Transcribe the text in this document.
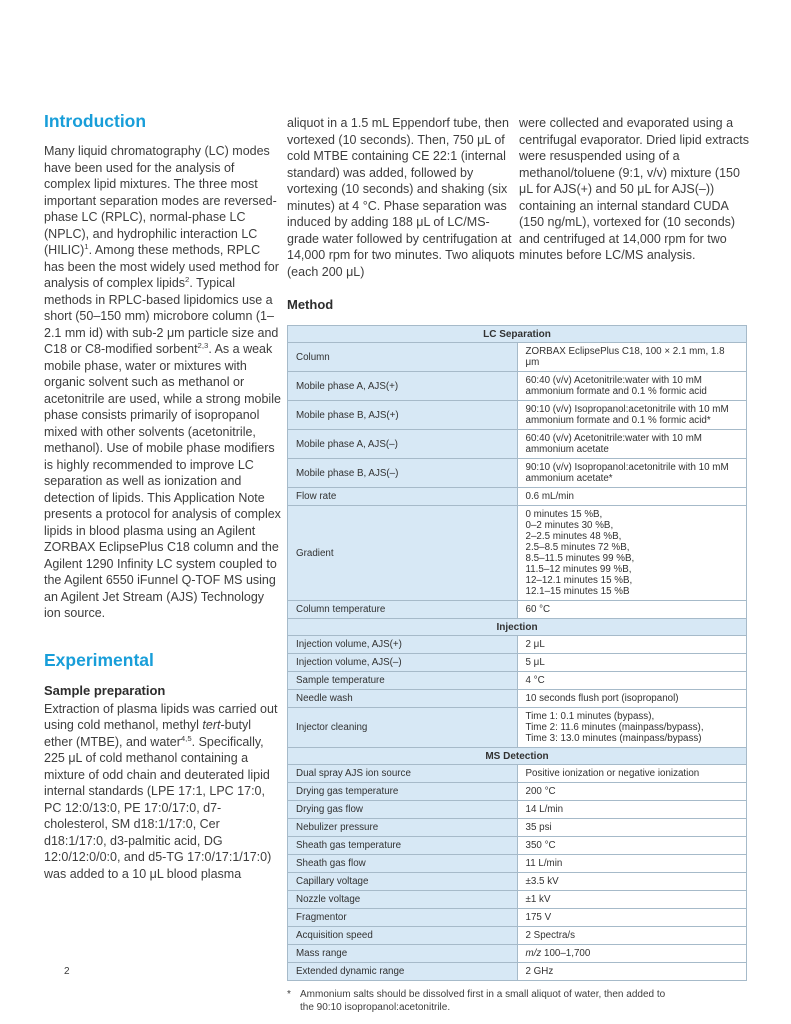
Introduction

Many liquid chromatography (LC) modes have been used for the analysis of complex lipid mixtures. The three most important separation modes are reversed-phase LC (RPLC), normal-phase LC (NPLC), and hydrophilic interaction LC (HILIC)$^1$. Among these methods, RPLC has been the most widely used method for analysis of complex lipids$^2$. Typical methods in RPLC-based lipidomics use a short (50–150 mm) microbore column (1–2.1 mm id) with sub-2 μm particle size and C18 or C8-modified sorbent$^{2,3}$. As a weak mobile phase, water or mixtures with organic solvent such as methanol or acetonitrile are used, while a strong mobile phase consists primarily of isopropanol mixed with other solvents (acetonitrile, methanol). Use of mobile phase modifiers is highly recommended to improve LC separation as well as ionization and detection of lipids. This Application Note presents a protocol for analysis of complex lipids in blood plasma using an Agilent ZORBAX EclipsePlus C18 column and the Agilent 1290 Infinity LC system coupled to the Agilent 6550 iFunnel Q-TOF MS using an Agilent Jet Stream (AJS) Technology ion source.

Experimental
Sample preparation

Extraction of plasma lipids was carried out using cold methanol, methyl tert-butyl ether (MTBE), and water$^{4,5}$. Specifically, 225 μL of cold methanol containing a mixture of odd chain and deuterated lipid internal standards (LPE 17:1, LPC 17:0, PC 12:0/13:0, PE 17:0/17:0, d7-cholesterol, SM d18:1/17:0, Cer d18:1/17:0, d3-palmitic acid, DG 12:0/12:0/0:0, and d5-TG 17:0/17:1/17:0) was added to a 10 μL blood plasma

aliquot in a 1.5 mL Eppendorf tube, then vortexed (10 seconds). Then, 750 μL of cold MTBE containing CE 22:1 (internal standard) was added, followed by vortexing (10 seconds) and shaking (six minutes) at 4 °C. Phase separation was induced by adding 188 μL of LC/MS-grade water followed by centrifugation at 14,000 rpm for two minutes. Two aliquots (each 200 μL)

were collected and evaporated using a centrifugal evaporator. Dried lipid extracts were resuspended using of a methanol/toluene (9:1, v/v) mixture (150 μL for AJS(+) and 50 μL for AJS(–)) containing an internal standard CUDA (150 ng/mL), vortexed for (10 seconds) and centrifuged at 14,000 rpm for two minutes before LC/MS analysis.

Method
LC Separation	
Column	ZORBAX EclipsePlus C18, 100 × 2.1 mm, 1.8 μm
Mobile phase A, AJS(+)	60:40 (v/v) Acetonitrile:water with 10 mM ammonium formate and 0.1 % formic acid
Mobile phase B, AJS(+)	90:10 (v/v) Isopropanol:acetonitrile with 10 mM ammonium formate and 0.1 % formic acid*
Mobile phase A, AJS(–)	60:40 (v/v) Acetonitrile:water with 10 mM ammonium acetate
Mobile phase B, AJS(–)	90:10 (v/v) Isopropanol:acetonitrile with 10 mM ammonium acetate*
Flow rate	0.6 mL/min
Gradient	0 minutes 15 %B,
0–2 minutes 30 %B,
2–2.5 minutes 48 %B,
2.5–8.5 minutes 72 %B,
8.5–11.5 minutes 99 %B,
11.5–12 minutes 99 %B,
12–12.1 minutes 15 %B,
12.1–15 minutes 15 %B
Column temperature	60 °C
Injection	
Injection volume, AJS(+)	2 μL
Injection volume, AJS(–)	5 μL
Sample temperature	4 °C
Needle wash	10 seconds flush port (isopropanol)
Injector cleaning	Time 1: 0.1 minutes (bypass),
Time 2: 11.6 minutes (mainpass/bypass),
Time 3: 13.0 minutes (mainpass/bypass)
MS Detection	
Dual spray AJS ion source	Positive ionization or negative ionization
Drying gas temperature	200 °C
Drying gas flow	14 L/min
Nebulizer pressure	35 psi
Sheath gas temperature	350 °C
Sheath gas flow	11 L/min
Capillary voltage	±3.5 kV
Nozzle voltage	±1 kV
Fragmentor	175 V
Acquisition speed	2 Spectra/s
Mass range	m/z 100–1,700
Extended dynamic range	2 GHz
* Ammonium salts should be dissolved first in a small aliquot of water, then added to the 90:10 isopropanol:acetonitrile.
2
